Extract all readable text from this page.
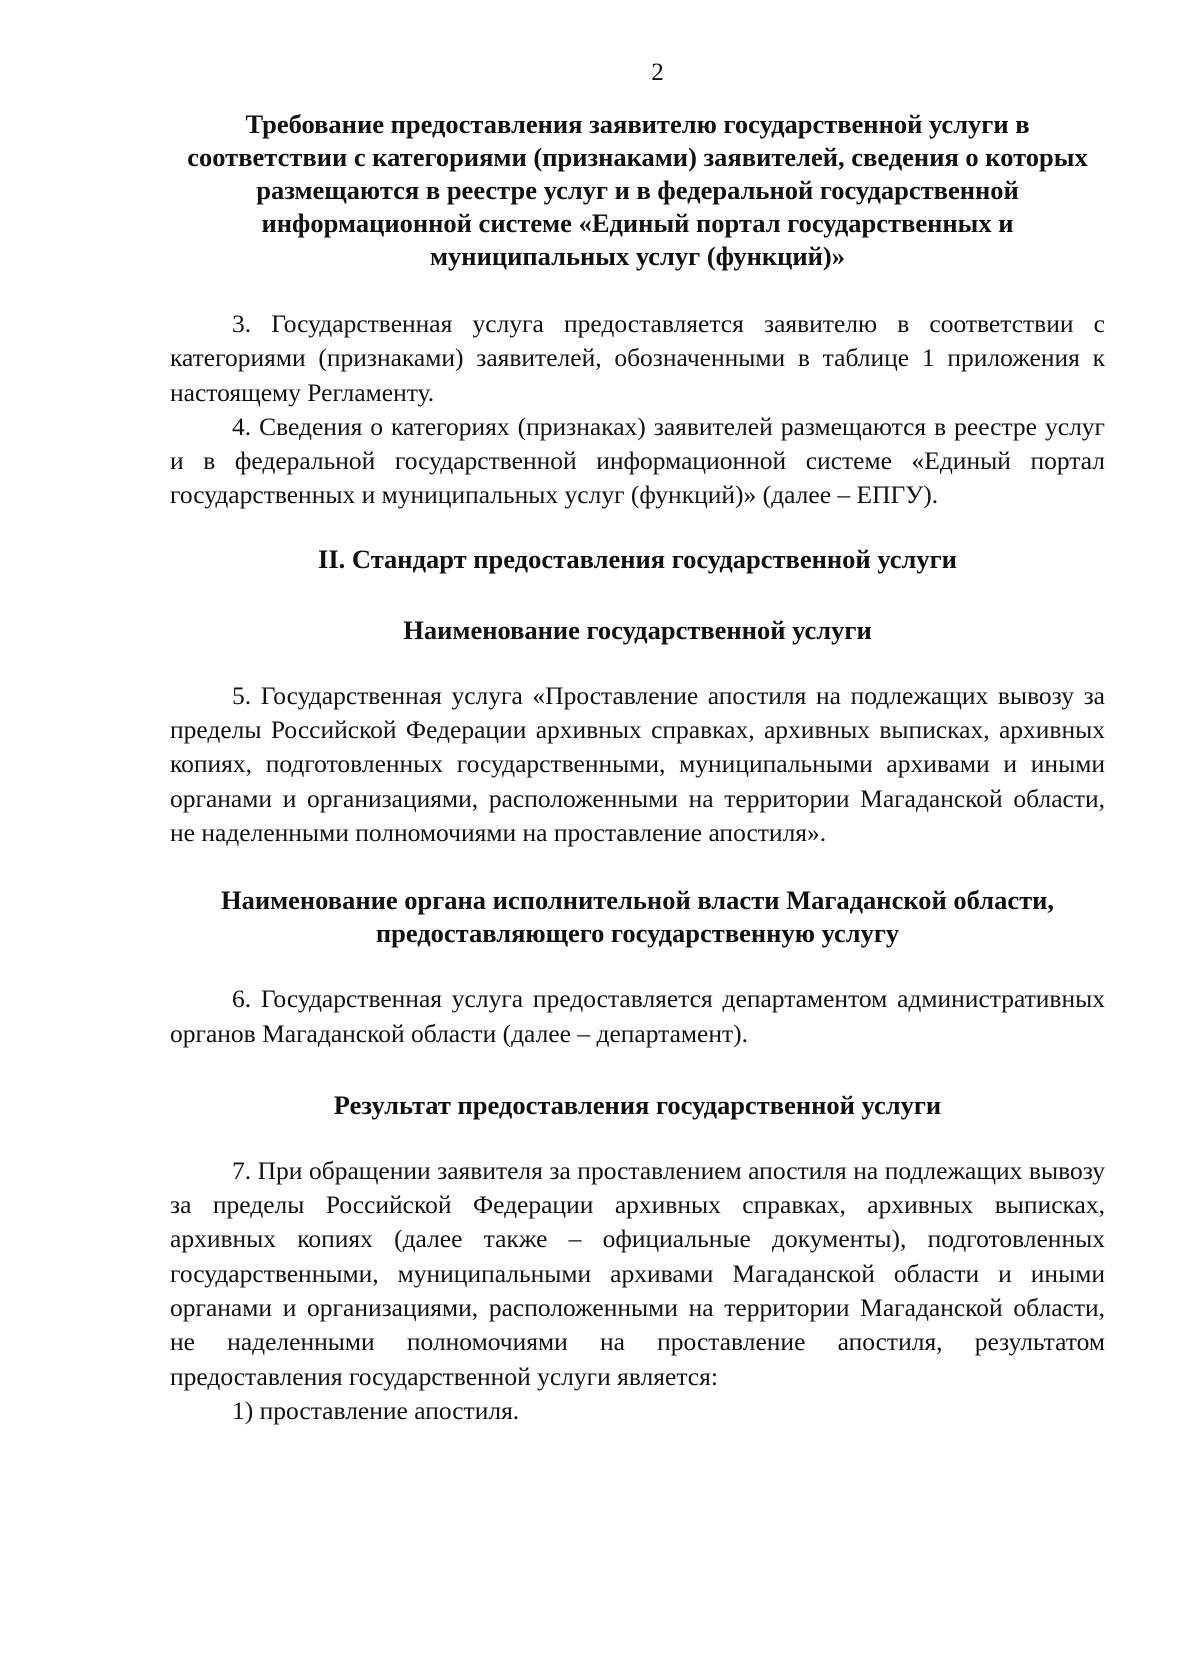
2
Требование предоставления заявителю государственной услуги в соответствии с категориями (признаками) заявителей, сведения о которых размещаются в реестре услуг и в федеральной государственной информационной системе «Единый портал государственных и муниципальных услуг (функций)»

3. Государственная услуга предоставляется заявителю в соответствии с категориями (признаками) заявителей, обозначенными в таблице 1 приложения к настоящему Регламенту.

4. Сведения о категориях (признаках) заявителей размещаются в реестре услуг и в федеральной государственной информационной системе «Единый портал государственных и муниципальных услуг (функций)» (далее – ЕПГУ).

II. Стандарт предоставления государственной услуги
Наименование государственной услуги

5. Государственная услуга «Проставление апостиля на подлежащих вывозу за пределы Российской Федерации архивных справках, архивных выписках, архивных копиях, подготовленных государственными, муниципальными архивами и иными органами и организациями, расположенными на территории Магаданской области, не наделенными полномочиями на проставление апостиля».

Наименование органа исполнительной власти Магаданской области, предоставляющего государственную услугу

6. Государственная услуга предоставляется департаментом административных органов Магаданской области (далее – департамент).

Результат предоставления государственной услуги

7. При обращении заявителя за проставлением апостиля на подлежащих вывозу за пределы Российской Федерации архивных справках, архивных выписках, архивных копиях (далее также – официальные документы), подготовленных государственными, муниципальными архивами Магаданской области и иными органами и организациями, расположенными на территории Магаданской области, не наделенными полномочиями на проставление апостиля, результатом предоставления государственной услуги является:

1) проставление апостиля.
